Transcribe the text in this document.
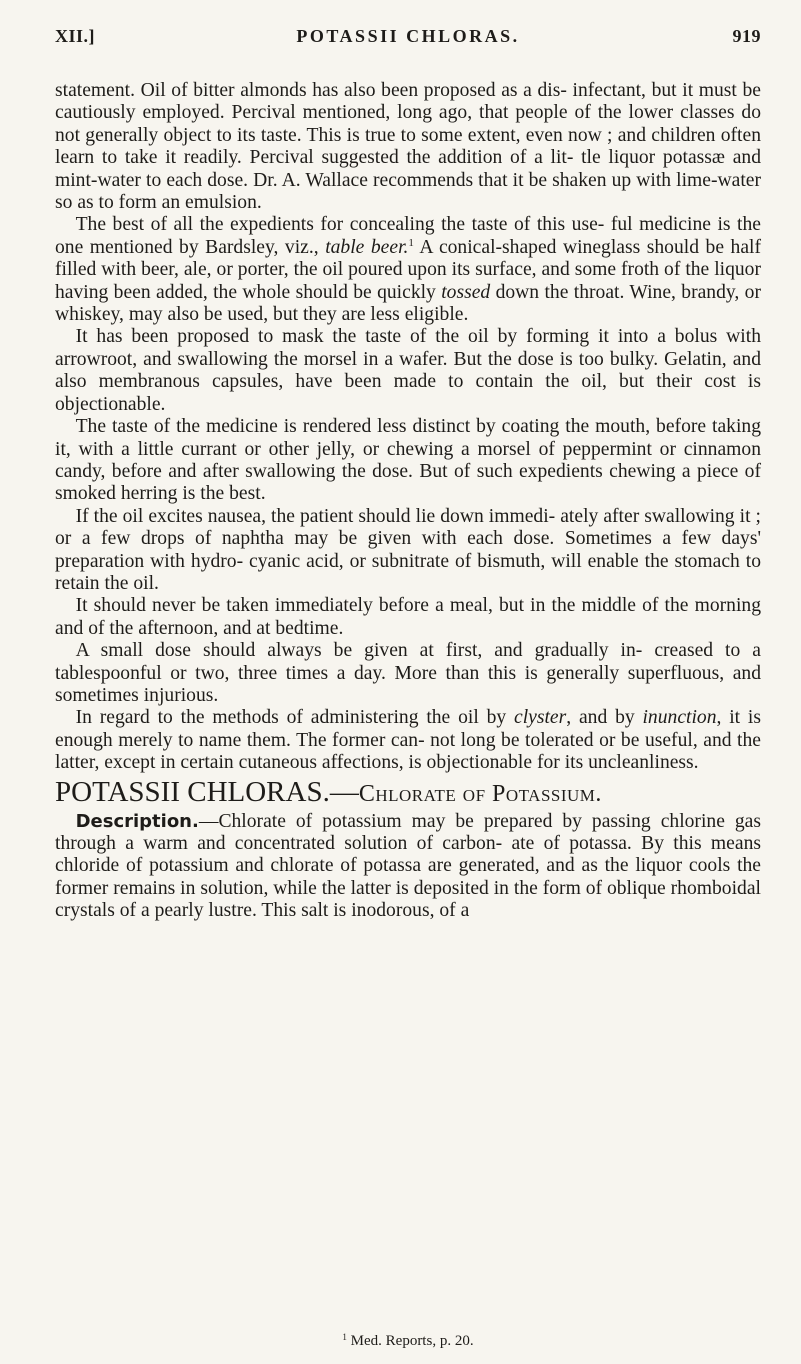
XII.]	POTASSII CHLORAS.	919

statement. Oil of bitter almonds has also been proposed as a dis- infectant, but it must be cautiously employed. Percival mentioned, long ago, that people of the lower classes do not generally object to its taste. This is true to some extent, even now ; and children often learn to take it readily. Percival suggested the addition of a lit- tle liquor potassæ and mint-water to each dose. Dr. A. Wallace recommends that it be shaken up with lime-water so as to form an emulsion.

The best of all the expedients for concealing the taste of this use- ful medicine is the one mentioned by Bardsley, viz., table beer.$^1$ A conical-shaped wineglass should be half filled with beer, ale, or porter, the oil poured upon its surface, and some froth of the liquor having been added, the whole should be quickly tossed down the throat. Wine, brandy, or whiskey, may also be used, but they are less eligible.

It has been proposed to mask the taste of the oil by forming it into a bolus with arrowroot, and swallowing the morsel in a wafer. But the dose is too bulky. Gelatin, and also membranous capsules, have been made to contain the oil, but their cost is objectionable.

The taste of the medicine is rendered less distinct by coating the mouth, before taking it, with a little currant or other jelly, or chewing a morsel of peppermint or cinnamon candy, before and after swallowing the dose. But of such expedients chewing a piece of smoked herring is the best.

If the oil excites nausea, the patient should lie down immedi- ately after swallowing it ; or a few drops of naphtha may be given with each dose. Sometimes a few days' preparation with hydro- cyanic acid, or subnitrate of bismuth, will enable the stomach to retain the oil.

It should never be taken immediately before a meal, but in the middle of the morning and of the afternoon, and at bedtime.

A small dose should always be given at first, and gradually in- creased to a tablespoonful or two, three times a day. More than this is generally superfluous, and sometimes injurious.

In regard to the methods of administering the oil by clyster, and by inunction, it is enough merely to name them. The former can- not long be tolerated or be useful, and the latter, except in certain cutaneous affections, is objectionable for its uncleanliness.

POTASSII CHLORAS.—Chlorate of Potassium.

Description.—Chlorate of potassium may be prepared by passing chlorine gas through a warm and concentrated solution of carbon- ate of potassa. By this means chloride of potassium and chlorate of potassa are generated, and as the liquor cools the former remains in solution, while the latter is deposited in the form of oblique rhomboidal crystals of a pearly lustre. This salt is inodorous, of a

$^1$ Med. Reports, p. 20.
